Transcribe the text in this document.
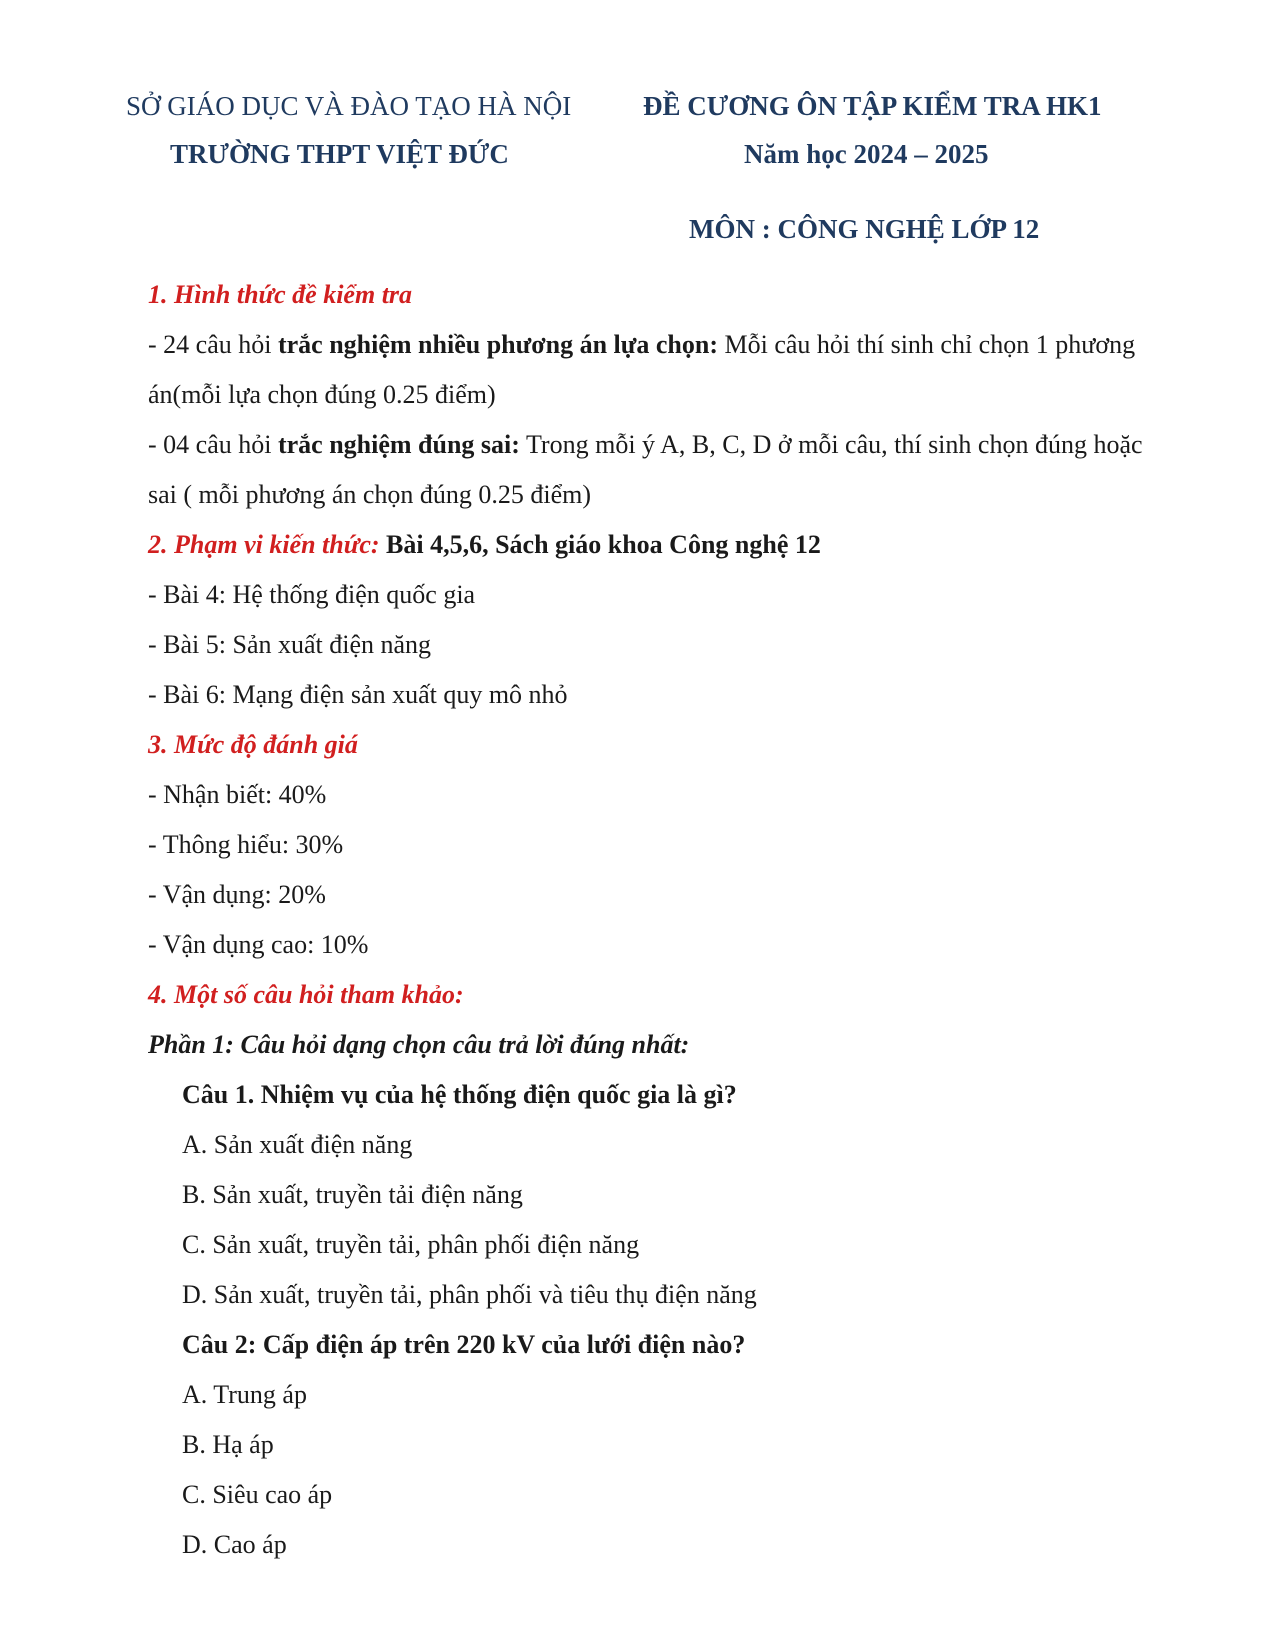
SỞ GIÁO DỤC VÀ ĐÀO TẠO HÀ NỘI
TRƯỜNG THPT VIỆT ĐỨC
ĐỀ CƯƠNG ÔN TẬP KIỂM TRA HK1
Năm học 2024 – 2025
MÔN : CÔNG NGHỆ LỚP 12
1. Hình thức đề kiểm tra
- 24 câu hỏi trắc nghiệm nhiều phương án lựa chọn: Mỗi câu hỏi thí sinh chỉ chọn 1 phương án(mỗi lựa chọn đúng 0.25 điểm)
- 04 câu hỏi trắc nghiệm đúng sai: Trong mỗi ý A, B, C, D ở mỗi câu, thí sinh chọn đúng hoặc sai ( mỗi phương án chọn đúng 0.25 điểm)
2. Phạm vi kiến thức: Bài 4,5,6, Sách giáo khoa Công nghệ 12
- Bài 4: Hệ thống điện quốc gia
- Bài 5: Sản xuất điện năng
- Bài 6: Mạng điện sản xuất quy mô nhỏ
3. Mức độ đánh giá
- Nhận biết: 40%
- Thông hiểu: 30%
- Vận dụng: 20%
- Vận dụng cao: 10%
4. Một số câu hỏi tham khảo:
Phần 1: Câu hỏi dạng chọn câu trả lời đúng nhất:
Câu 1. Nhiệm vụ của hệ thống điện quốc gia là gì?
A. Sản xuất điện năng
B. Sản xuất, truyền tải điện năng
C. Sản xuất, truyền tải, phân phối điện năng
D. Sản xuất, truyền tải, phân phối và tiêu thụ điện năng
Câu 2: Cấp điện áp trên 220 kV của lưới điện nào?
A. Trung áp
B. Hạ áp
C. Siêu cao áp
D. Cao áp
